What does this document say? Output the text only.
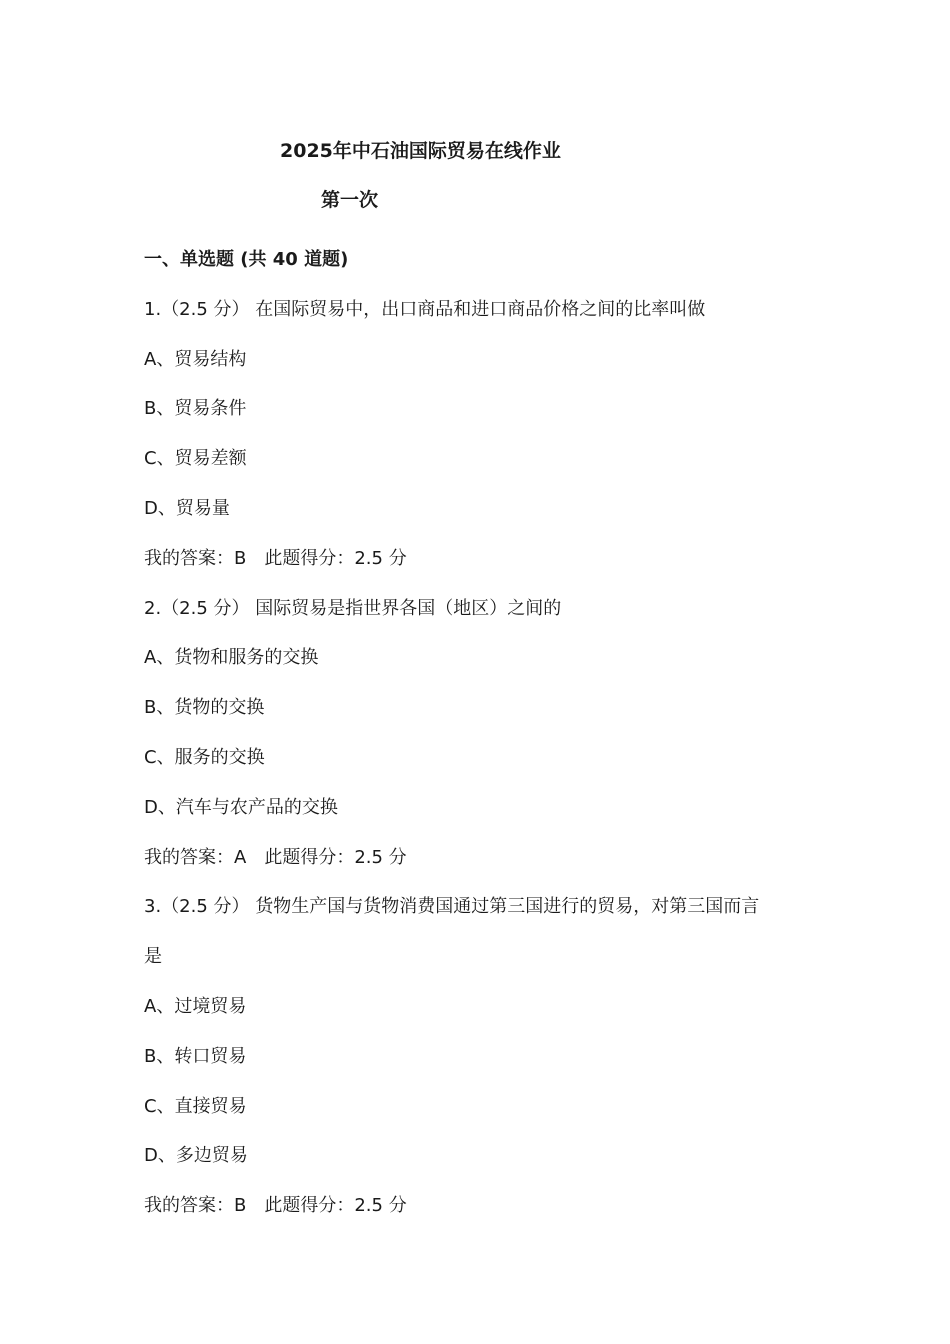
2025年中石油国际贸易在线作业
第一次
一、单选题 (共 40 道题)
1.（2.5 分） 在国际贸易中，出口商品和进口商品价格之间的比率叫做
A、贸易结构
B、贸易条件
C、贸易差额
D、贸易量
我的答案：B 此题得分：2.5 分
2.（2.5 分） 国际贸易是指世界各国（地区）之间的
A、货物和服务的交换
B、货物的交换
C、服务的交换
D、汽车与农产品的交换
我的答案：A 此题得分：2.5 分
3.（2.5 分） 货物生产国与货物消费国通过第三国进行的贸易，对第三国而言
是
A、过境贸易
B、转口贸易
C、直接贸易
D、多边贸易
我的答案：B 此题得分：2.5 分
